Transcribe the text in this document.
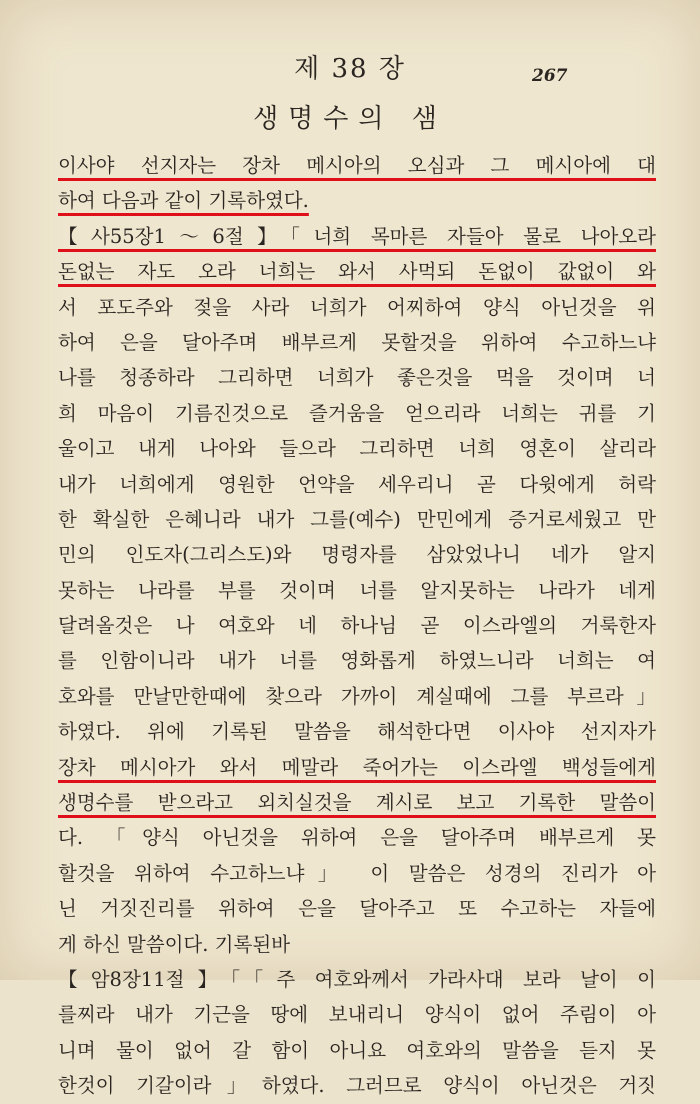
제 38 장	267
생명수의 샘
이사야 선지자는 장차 메시아의 오심과 그 메시아에 대
하여 다음과 같이 기록하였다.
【사55장1～6절】「너희 목마른 자들아 물로 나아오라
돈없는 자도 오라 너희는 와서 사먹되 돈없이 값없이 와
서 포도주와 젖을 사라 너희가 어찌하여 양식 아닌것을 위
하여 은을 달아주며 배부르게 못할것을 위하여 수고하느냐
나를 청종하라 그리하면 너희가 좋은것을 먹을 것이며 너
희 마음이 기름진것으로 즐거움을 얻으리라 너희는 귀를 기
울이고 내게 나아와 들으라 그리하면 너희 영혼이 살리라
내가 너희에게 영원한 언약을 세우리니 곧 다윗에게 허락
한 확실한 은혜니라 내가 그를(예수) 만민에게 증거로세웠고 만
민의 인도자(그리스도)와 명령자를 삼았었나니 네가 알지
못하는 나라를 부를 것이며 너를 알지못하는 나라가 네게
달려올것은 나 여호와 네 하나님 곧 이스라엘의 거룩한자
를 인함이니라 내가 너를 영화롭게 하였느니라 너희는 여
호와를 만날만한때에 찾으라 가까이 계실때에 그를 부르라」
하였다. 위에 기록된 말씀을 해석한다면 이사야 선지자가
장차 메시아가 와서 메말라 죽어가는 이스라엘 백성들에게
생명수를 받으라고 외치실것을 계시로 보고 기록한 말씀이
다. 「양식 아닌것을 위하여 은을 달아주며 배부르게 못
할것을 위하여 수고하느냐」 이 말씀은 성경의 진리가 아
닌 거짓진리를 위하여 은을 달아주고 또 수고하는 자들에
게 하신 말씀이다. 기록된바
【암8장11절】「「주 여호와께서 가라사대 보라 날이 이
를찌라 내가 기근을 땅에 보내리니 양식이 없어 주림이 아
니며 물이 없어 갈 함이 아니요 여호와의 말씀을 듣지 못
한것이 기갈이라」하였다. 그러므로 양식이 아닌것은 거짓
